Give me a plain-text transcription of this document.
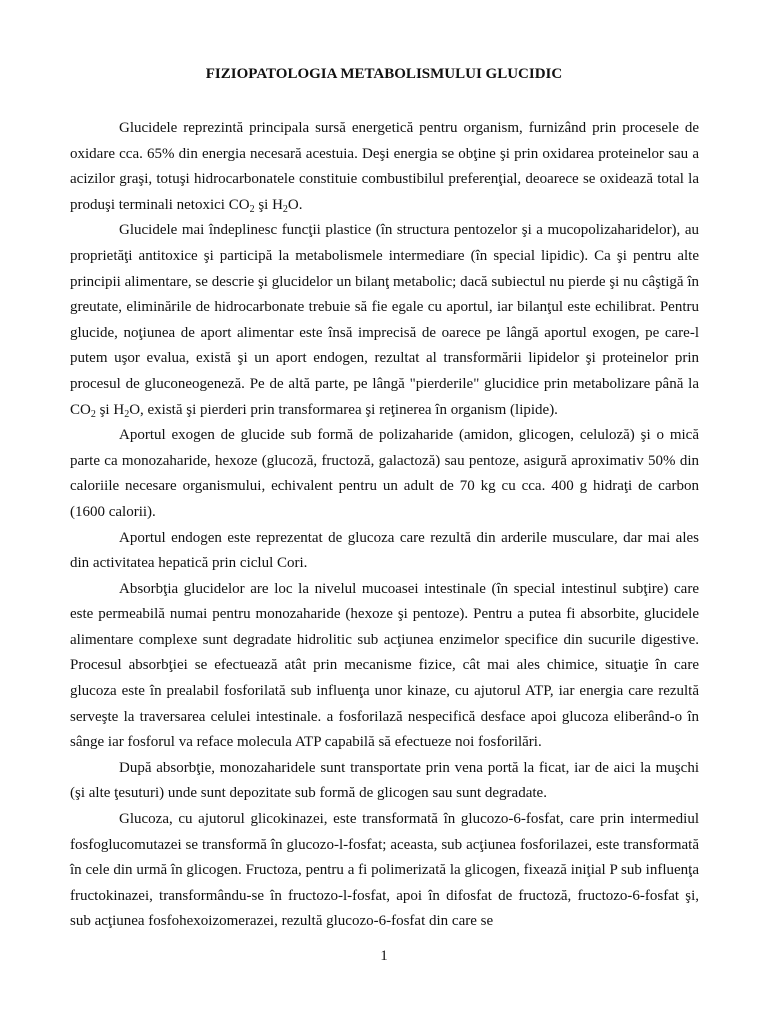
FIZIOPATOLOGIA METABOLISMULUI GLUCIDIC

Glucidele reprezintă principala sursă energetică pentru organism, furnizând prin procesele de oxidare cca. 65% din energia necesară acestuia. Deşi energia se obţine şi prin oxidarea proteinelor sau a acizilor graşi, totuşi hidrocarbonatele constituie combustibilul preferenţial, deoarece se oxidează total la produşi terminali netoxici $CO_2$ şi $H_2O$.

Glucidele mai îndeplinesc funcţii plastice (în structura pentozelor şi a mucopolizaharidelor), au proprietăţi antitoxice şi participă la metabolismele intermediare (în special lipidic). Ca şi pentru alte principii alimentare, se descrie şi glucidelor un bilanţ metabolic; dacă subiectul nu pierde şi nu câştigă în greutate, eliminările de hidrocarbonate trebuie să fie egale cu aportul, iar bilanţul este echilibrat. Pentru glucide, noţiunea de aport alimentar este însă imprecisă de oarece pe lângă aportul exogen, pe care-l putem uşor evalua, există şi un aport endogen, rezultat al transformării lipidelor şi proteinelor prin procesul de gluconeogeneză. Pe de altă parte, pe lângă "pierderile" glucidice prin metabolizare până la $CO_2$ şi $H_2O$, există şi pierderi prin transformarea şi reţinerea în organism (lipide).

Aportul exogen de glucide sub formă de polizaharide (amidon, glicogen, celuloză) şi o mică parte ca monozaharide, hexoze (glucoză, fructoză, galactoză) sau pentoze, asigură aproximativ 50% din caloriile necesare organismului, echivalent pentru un adult de 70 kg cu cca. 400 g hidraţi de carbon (1600 calorii).

Aportul endogen este reprezentat de glucoza care rezultă din arderile musculare, dar mai ales din activitatea hepatică prin ciclul Cori.

Absorbţia glucidelor are loc la nivelul mucoasei intestinale (în special intestinul subţire) care este permeabilă numai pentru monozaharide (hexoze şi pentoze). Pentru a putea fi absorbite, glucidele alimentare complexe sunt degradate hidrolitic sub acţiunea enzimelor specifice din sucurile digestive. Procesul absorbţiei se efectuează atât prin mecanisme fizice, cât mai ales chimice, situaţie în care glucoza este în prealabil fosforilată sub influenţa unor kinaze, cu ajutorul ATP, iar energia care rezultă serveşte la traversarea celulei intestinale. a fosforilază nespecifică desface apoi glucoza eliberând-o în sânge iar fosforul va reface molecula ATP capabilă să efectueze noi fosforilări.

După absorbţie, monozaharidele sunt transportate prin vena portă la ficat, iar de aici la muşchi (şi alte ţesuturi) unde sunt depozitate sub formă de glicogen sau sunt degradate.

Glucoza, cu ajutorul glicokinazei, este transformată în glucozo-6-fosfat, care prin intermediul fosfoglucomutazei se transformă în glucozo-l-fosfat; aceasta, sub acţiunea fosforilazei, este transformată în cele din urmă în glicogen. Fructoza, pentru a fi polimerizată la glicogen, fixează iniţial P sub influenţa fructokinazei, transformându-se în fructozo-l-fosfat, apoi în difosfat de fructoză, fructozo-6-fosfat şi, sub acţiunea fosfohexoizomerazei, rezultă glucozo-6-fosfat din care se

1
